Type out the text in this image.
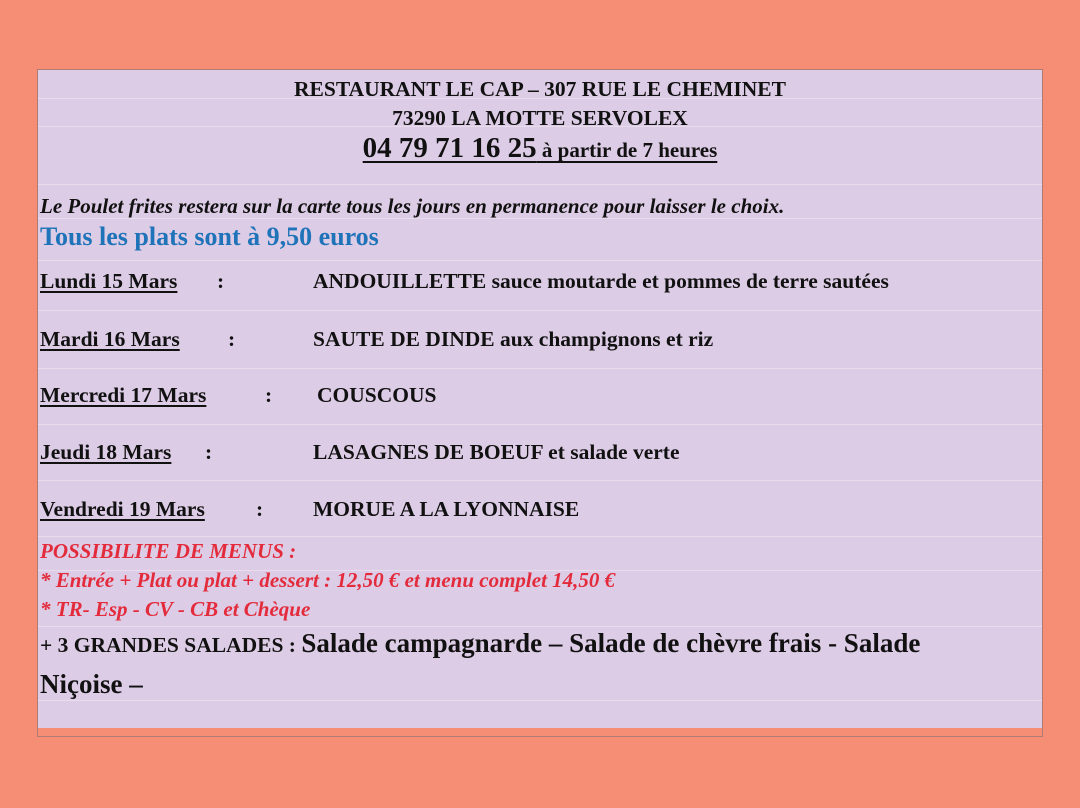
RESTAURANT LE CAP – 307 RUE LE CHEMINET
73290 LA MOTTE SERVOLEX
04 79 71 16 25 à partir de 7 heures
Le Poulet frites restera sur la carte tous les jours en permanence pour laisser le choix.
Tous les plats sont à 9,50 euros
Lundi 15 Mars :	ANDOUILLETTE sauce moutarde et pommes de terre sautées
Mardi 16 Mars :	SAUTE DE DINDE aux champignons et riz
Mercredi 17 Mars	: COUSCOUS
Jeudi 18 Mars :	LASAGNES DE BOEUF et salade verte
Vendredi 19 Mars : MORUE A LA LYONNAISE
POSSIBILITE DE MENUS :
* Entrée + Plat ou plat + dessert : 12,50 € et menu complet 14,50 €
* TR- Esp - CV - CB et Chèque
+ 3 GRANDES SALADES : Salade campagnarde – Salade de chèvre frais - Salade Niçoise –
